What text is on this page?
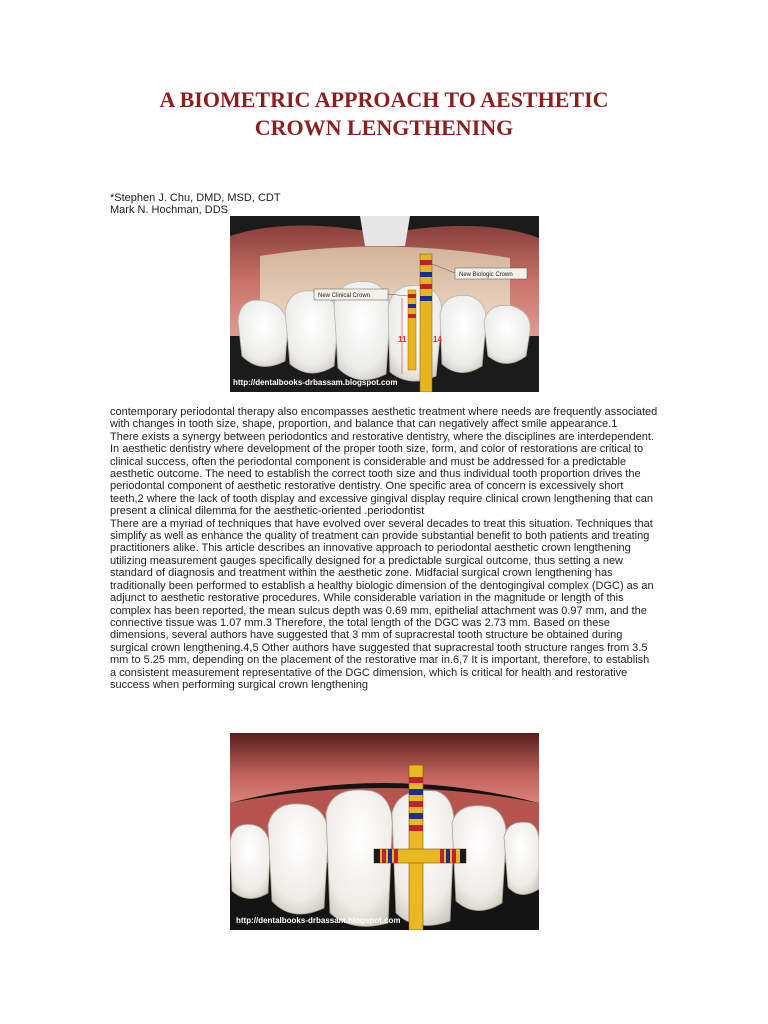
A BIOMETRIC APPROACH TO AESTHETIC
CROWN LENGTHENING
*Stephen J. Chu, DMD, MSD, CDT
Mark N. Hochman, DDS
New Biologic Crown
New Clinical Crown
11	14
http://dentalbooks-drbassam.blogspot.com

contemporary periodontal therapy also encompasses aesthetic treatment where needs are frequently associated with changes in tooth size, shape, proportion, and balance that can negatively affect smile appearance.1

There exists a synergy between periodontics and restorative dentistry, where the disciplines are interdependent. In aesthetic dentistry where development of the proper tooth size, form, and color of restorations are critical to clinical success, often the periodontal component is considerable and must be addressed for a predictable aesthetic outcome. The need to establish the correct tooth size and thus individual tooth proportion drives the periodontal component of aesthetic restorative dentistry. One specific area of concern is excessively short teeth,2 where the lack of tooth display and excessive gingival display require clinical crown lengthening that can present a clinical dilemma for the aesthetic-oriented .periodontist

There are a myriad of techniques that have evolved over several decades to treat this situation. Techniques that simplify as well as enhance the quality of treatment can provide substantial benefit to both patients and treating practitioners alike. This article describes an innovative approach to periodontal aesthetic crown lengthening utilizing measurement gauges specifically designed for a predictable surgical outcome, thus setting a new standard of diagnosis and treatment within the aesthetic zone. Midfacial surgical crown lengthening has traditionally been performed to establish a healthy biologic dimension of the dentogingival complex (DGC) as an adjunct to aesthetic restorative procedures. While considerable variation in the magnitude or length of this complex has been reported, the mean sulcus depth was 0.69 mm, epithelial attachment was 0.97 mm, and the connective tissue was 1.07 mm.3 Therefore, the total length of the DGC was 2.73 mm. Based on these dimensions, several authors have suggested that 3 mm of supracrestal tooth structure be obtained during surgical crown lengthening.4,5 Other authors have suggested that supracrestal tooth structure ranges from 3.5 mm to 5.25 mm, depending on the placement of the restorative mar in.6,7 It is important, therefore, to establish a consistent measurement representative of the DGC dimension, which is critical for health and restorative success when performing surgical crown lengthening

http://dentalbooks-drbassam.blogspot.com
